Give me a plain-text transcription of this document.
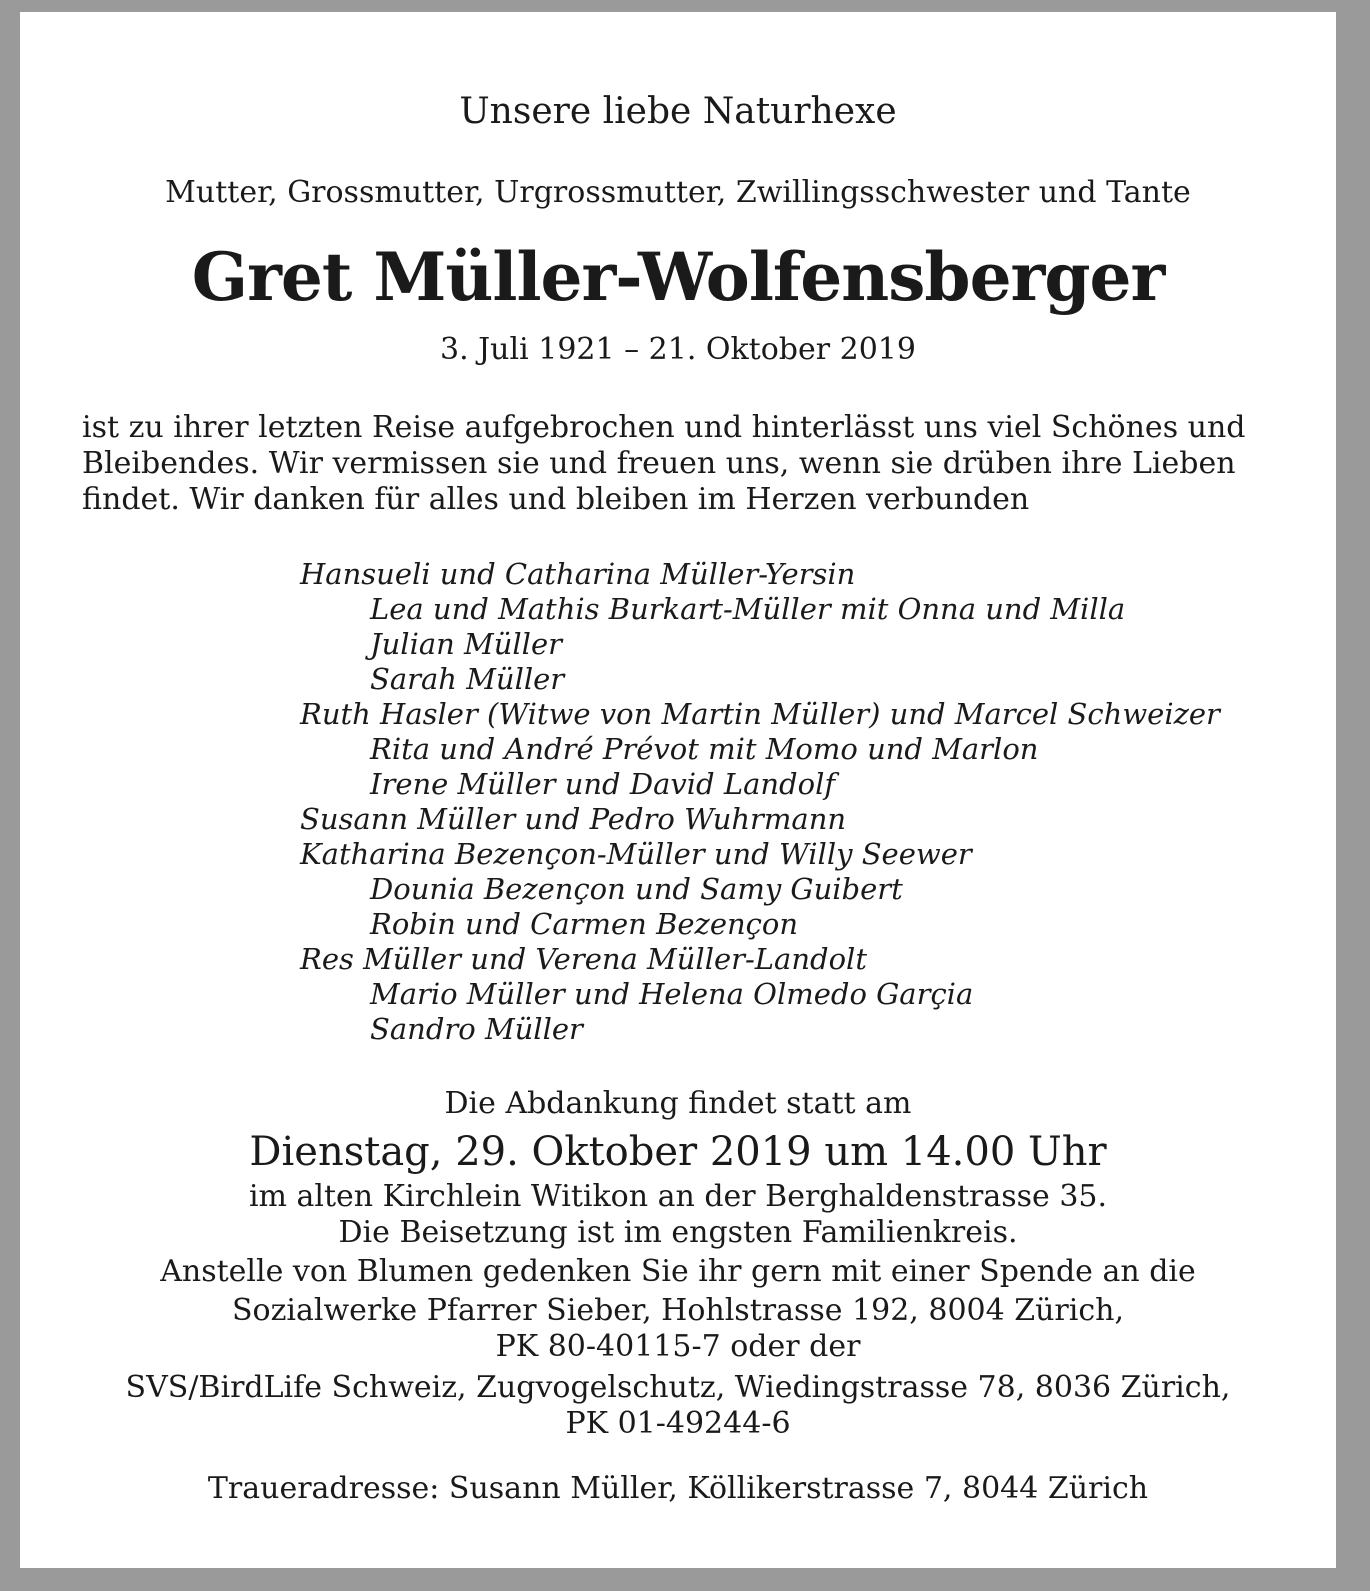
Unsere liebe Naturhexe
Mutter, Grossmutter, Urgrossmutter, Zwillingsschwester und Tante
Gret Müller-Wolfensberger
3. Juli 1921 – 21. Oktober 2019
ist zu ihrer letzten Reise aufgebrochen und hinterlässt uns viel Schönes und
Bleibendes. Wir vermissen sie und freuen uns, wenn sie drüben ihre Lieben
findet. Wir danken für alles und bleiben im Herzen verbunden
Hansueli und Catharina Müller-Yersin
Lea und Mathis Burkart-Müller mit Onna und Milla
Julian Müller
Sarah Müller
Ruth Hasler (Witwe von Martin Müller) und Marcel Schweizer
Rita und André Prévot mit Momo und Marlon
Irene Müller und David Landolf
Susann Müller und Pedro Wuhrmann
Katharina Bezençon-Müller und Willy Seewer
Dounia Bezençon und Samy Guibert
Robin und Carmen Bezençon
Res Müller und Verena Müller-Landolt
Mario Müller und Helena Olmedo Garçia
Sandro Müller
Die Abdankung findet statt am
Dienstag, 29. Oktober 2019 um 14.00 Uhr
im alten Kirchlein Witikon an der Berghaldenstrasse 35.
Die Beisetzung ist im engsten Familienkreis.
Anstelle von Blumen gedenken Sie ihr gern mit einer Spende an die
Sozialwerke Pfarrer Sieber, Hohlstrasse 192, 8004 Zürich,
PK 80-40115-7 oder der
SVS/BirdLife Schweiz, Zugvogelschutz, Wiedingstrasse 78, 8036 Zürich,
PK 01-49244-6
Traueradresse: Susann Müller, Köllikerstrasse 7, 8044 Zürich
